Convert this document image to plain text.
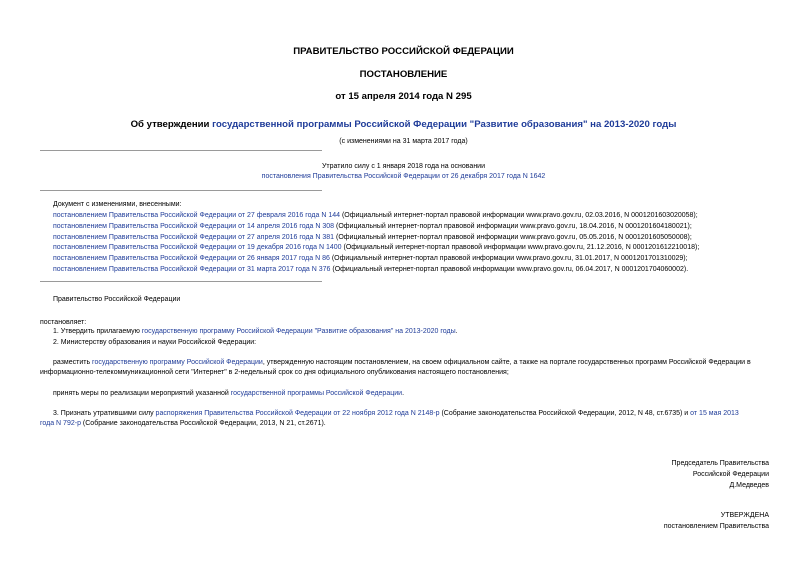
ПРАВИТЕЛЬСТВО РОССИЙСКОЙ ФЕДЕРАЦИИ
ПОСТАНОВЛЕНИЕ
от 15 апреля 2014 года N 295
Об утверждении государственной программы Российской Федерации "Развитие образования" на 2013-2020 годы
(с изменениями на 31 марта 2017 года)
Утратило силу с 1 января 2018 года на основании
постановления Правительства Российской Федерации от 26 декабря 2017 года N 1642
Документ с изменениями, внесенными:
постановлением Правительства Российской Федерации от 27 февраля 2016 года N 144 (Официальный интернет-портал правовой информации www.pravo.gov.ru, 02.03.2016, N 0001201603020058);
постановлением Правительства Российской Федерации от 14 апреля 2016 года N 308 (Официальный интернет-портал правовой информации www.pravo.gov.ru, 18.04.2016, N 0001201604180021);
постановлением Правительства Российской Федерации от 27 апреля 2016 года N 381 (Официальный интернет-портал правовой информации www.pravo.gov.ru, 05.05.2016, N 0001201605050008);
постановлением Правительства Российской Федерации от 19 декабря 2016 года N 1400 (Официальный интернет-портал правовой информации www.pravo.gov.ru, 21.12.2016, N 0001201612210018);
постановлением Правительства Российской Федерации от 26 января 2017 года N 86 (Официальный интернет-портал правовой информации www.pravo.gov.ru, 31.01.2017, N 0001201701310029);
постановлением Правительства Российской Федерации от 31 марта 2017 года N 376 (Официальный интернет-портал правовой информации www.pravo.gov.ru, 06.04.2017, N 0001201704060002).
Правительство Российской Федерации
постановляет:
1. Утвердить прилагаемую государственную программу Российской Федерации "Развитие образования" на 2013-2020 годы.
2. Министерству образования и науки Российской Федерации:
разместить государственную программу Российской Федерации, утвержденную настоящим постановлением, на своем официальном сайте, а также на портале государственных программ Российской Федерации в
информационно-телекоммуникационной сети "Интернет" в 2-недельный срок со дня официального опубликования настоящего постановления;
принять меры по реализации мероприятий указанной государственной программы Российской Федерации.
3. Признать утратившими силу распоряжения Правительства Российской Федерации от 22 ноября 2012 года N 2148-р (Собрание законодательства Российской Федерации, 2012, N 48, ст.6735) и от 15 мая 2013
года N 792-р (Собрание законодательства Российской Федерации, 2013, N 21, ст.2671).
Председатель Правительства
Российской Федерации
Д.Медведев
УТВЕРЖДЕНА
постановлением Правительства
